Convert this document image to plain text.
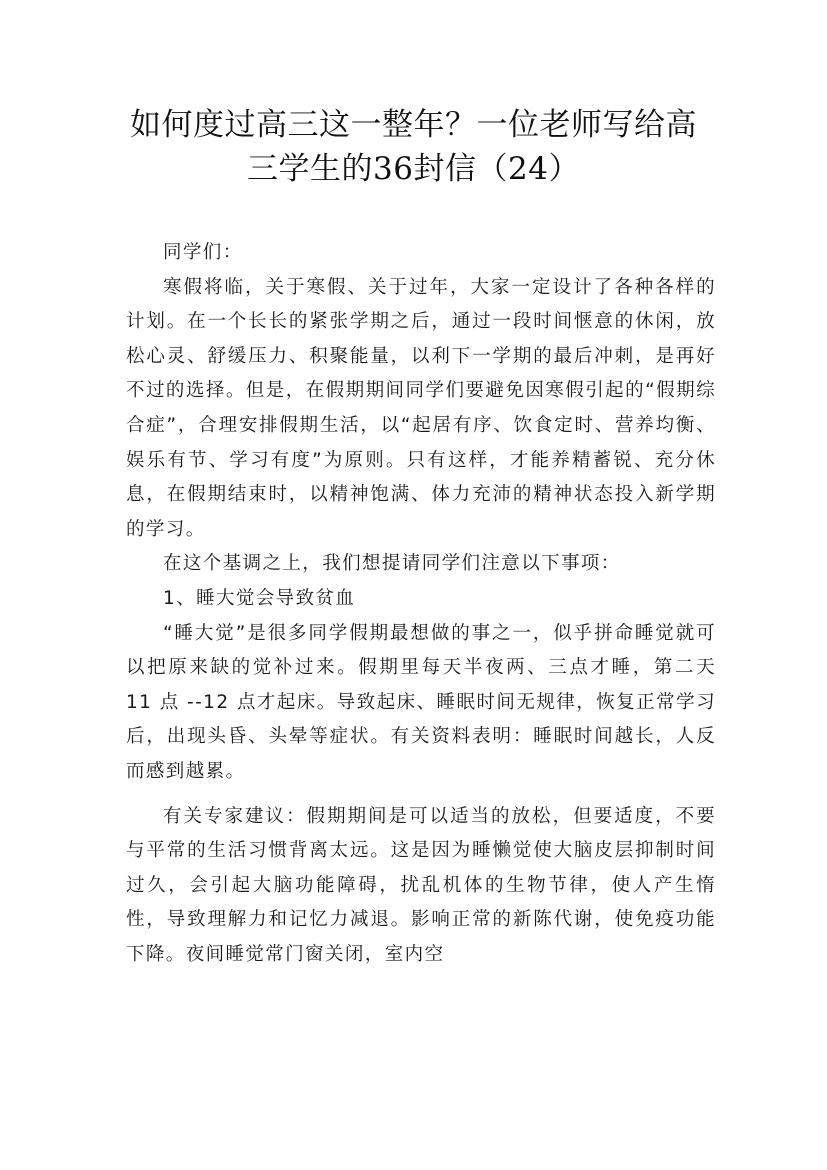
如何度过高三这一整年？一位老师写给高
三学生的36封信（24）

同学们：

寒假将临，关于寒假、关于过年，大家一定设计了各种各样的计划。在一个长长的紧张学期之后，通过一段时间惬意的休闲，放松心灵、舒缓压力、积聚能量，以利下一学期的最后冲刺，是再好不过的选择。但是，在假期期间同学们要避免因寒假引起的“假期综合症”，合理安排假期生活，以“起居有序、饮食定时、营养均衡、娱乐有节、学习有度”为原则。只有这样，才能养精蓄锐、充分休息，在假期结束时，以精神饱满、体力充沛的精神状态投入新学期的学习。

在这个基调之上，我们想提请同学们注意以下事项：

1、睡大觉会导致贫血

“睡大觉”是很多同学假期最想做的事之一，似乎拼命睡觉就可以把原来缺的觉补过来。假期里每天半夜两、三点才睡，第二天 11 点 --12 点才起床。导致起床、睡眠时间无规律，恢复正常学习后，出现头昏、头晕等症状。有关资料表明：睡眠时间越长，人反而感到越累。

有关专家建议：假期期间是可以适当的放松，但要适度，不要与平常的生活习惯背离太远。这是因为睡懒觉使大脑皮层抑制时间过久，会引起大脑功能障碍，扰乱机体的生物节律，使人产生惰性，导致理解力和记忆力减退。影响正常的新陈代谢，使免疫功能下降。夜间睡觉常门窗关闭，室内空
